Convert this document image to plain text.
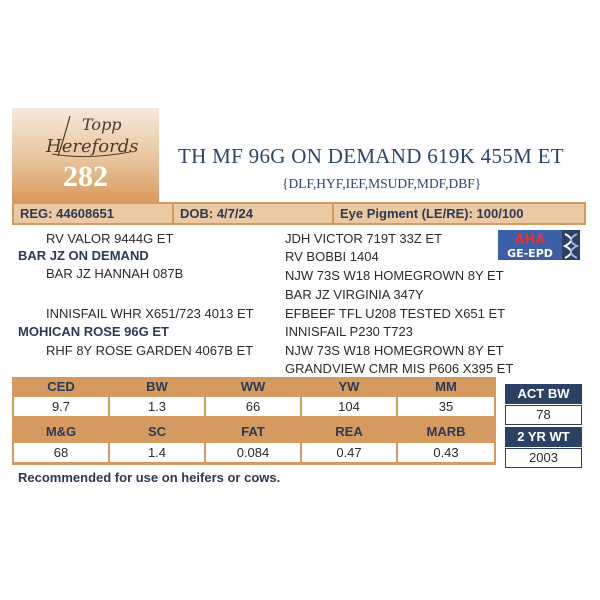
Topp
Herefords
282
TH MF 96G ON DEMAND 619K 455M ET
{DLF,HYF,IEF,MSUDF,MDF,DBF}
REG: 44608651	DOB: 4/7/24	Eye Pigment (LE/RE): 100/100
RV VALOR 9444G ET
BAR JZ ON DEMAND
BAR JZ HANNAH 087B
INNISFAIL WHR X651/723 4013 ET
MOHICAN ROSE 96G ET
RHF 8Y ROSE GARDEN 4067B ET
JDH VICTOR 719T 33Z ET
RV BOBBI 1404
NJW 73S W18 HOMEGROWN 8Y ET
BAR JZ VIRGINIA 347Y
EFBEEF TFL U208 TESTED X651 ET
INNISFAIL P230 T723
NJW 73S W18 HOMEGROWN 8Y ET
GRANDVIEW CMR MIS P606 X395 ET
AHA
GE-EPD
CED	BW	WW	YW	MM
9.7	1.3	66	104	35
M&G	SC	FAT	REA	MARB
68	1.4	0.084	0.47	0.43
ACT BW
78
2 YR WT
2003
Recommended for use on heifers or cows.
